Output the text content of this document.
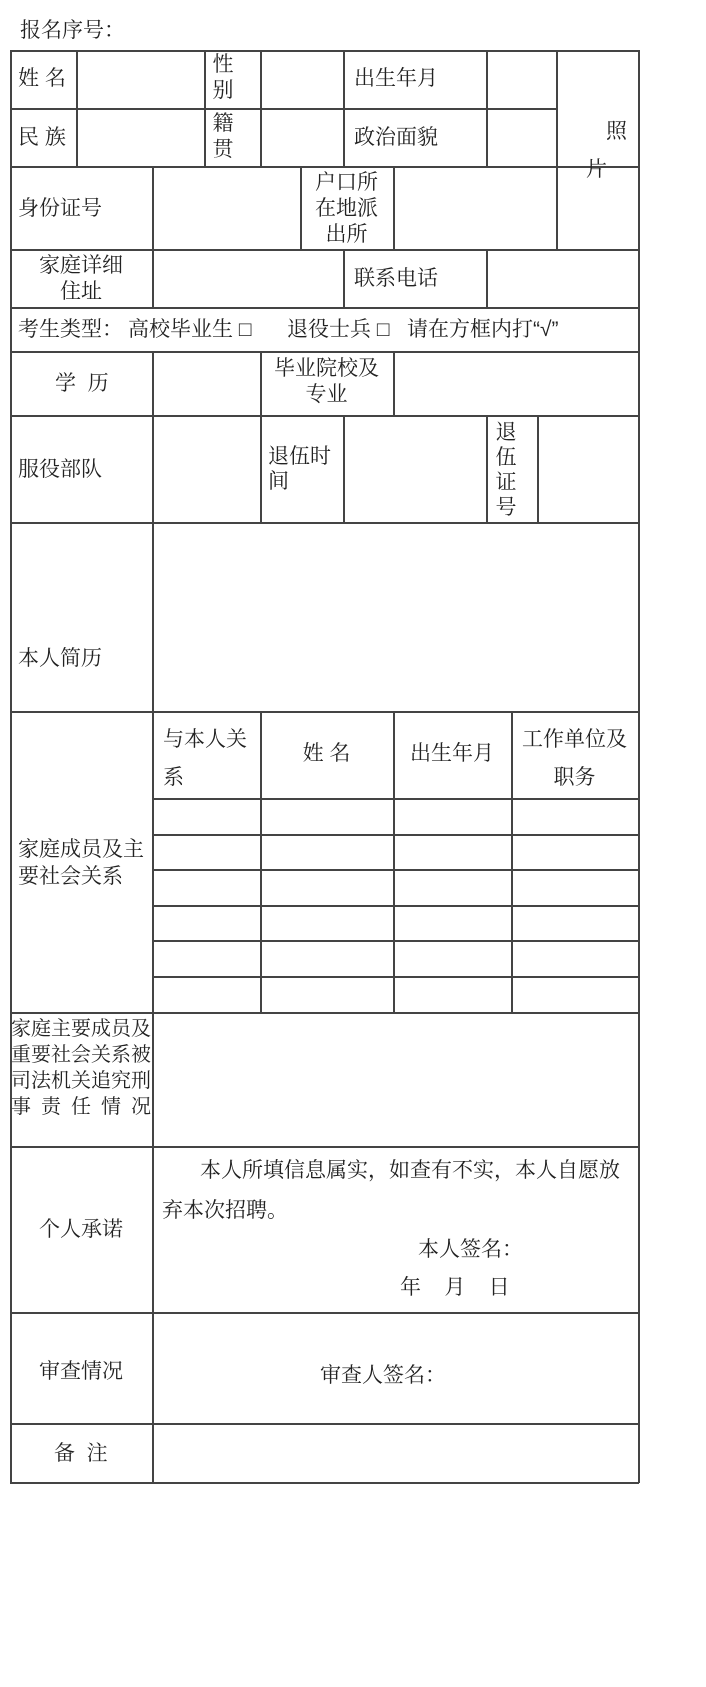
报名序号：
姓 名
性
别
出生年月
照
片
民 族
籍
贯
政治面貌
身份证号
户口所
在地派
出所
家庭详细
住址
联系电话
考生类型： 高校毕业生 □ 退役士兵 □ 请在方框内打“√”
学  历
毕业院校及
专业
服役部队
退伍时
间
退
伍
证
号
本人简历
家庭成员及主
要社会关系
与本人关
系
姓 名	出生年月
工作单位及
职务
家庭主要成员及重要社会关系被司法机关追究刑事责任情况
个人承诺
本人所填信息属实，如查有不实，本人自愿放
弃本次招聘。
本人签名：
年    月    日
审查情况	审查人签名：
备  注
